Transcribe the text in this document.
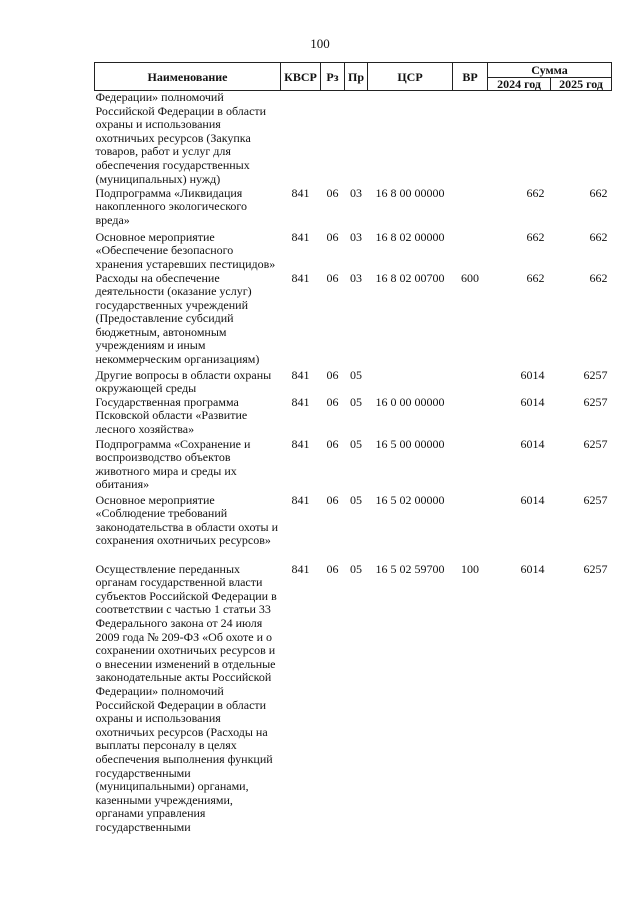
100
Наименование	КВСР	Рз	Пр	ЦСР	ВР	Сумма	
						2024 год	2025 год
Федерации» полномочий Российской Федерации в области охраны и использования охотничьих ресурсов (Закупка товаров, работ и услуг для обеспечения государственных (муниципальных) нужд)							
Подпрограмма «Ликвидация накопленного экологического вреда»	841	06	03	16 8 00 00000		662	662
Основное мероприятие «Обеспечение безопасного хранения устаревших пестицидов»	841	06	03	16 8 02 00000		662	662
Расходы на обеспечение деятельности (оказание услуг) государственных учреждений (Предоставление субсидий бюджетным, автономным учреждениям и иным некоммерческим организациям)	841	06	03	16 8 02 00700	600	662	662
Другие вопросы в области охраны окружающей среды	841	06	05			6014	6257
Государственная программа Псковской области «Развитие лесного хозяйства»	841	06	05	16 0 00 00000		6014	6257
Подпрограмма «Сохранение и воспроизводство объектов животного мира и среды их обитания»	841	06	05	16 5 00 00000		6014	6257
Основное мероприятие «Соблюдение требований законодательства в области охоты и сохранения охотничьих ресурсов»	841	06	05	16 5 02 00000		6014	6257
Осуществление переданных органам государственной власти субъектов Российской Федерации в соответствии с частью 1 статьи 33 Федерального закона от 24 июля 2009 года № 209-ФЗ «Об охоте и о сохранении охотничьих ресурсов и о внесении изменений в отдельные законодательные акты Российской Федерации» полномочий Российской Федерации в области охраны и использования охотничьих ресурсов (Расходы на выплаты персоналу в целях обеспечения выполнения функций государственными (муниципальными) органами, казенными учреждениями, органами управления государственными	841	06	05	16 5 02 59700	100	6014	6257
